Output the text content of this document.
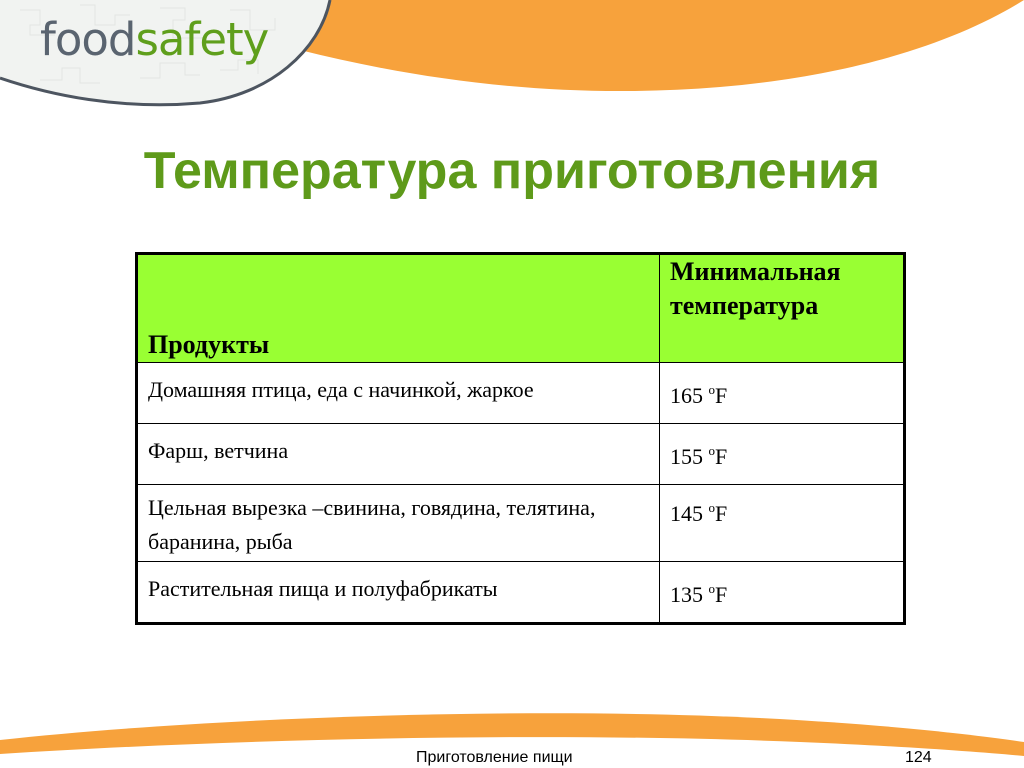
food safety
Температура приготовления
Продукты	Минимальная температура
Домашняя птица, еда с начинкой, жаркое	165 $^o$F
Фарш, ветчина	155 $^o$F
Цельная вырезка –свинина, говядина, телятина, баранина, рыба	145 $^o$F
Растительная пища и полуфабрикаты	135 $^o$F
Приготовление пищи	124
